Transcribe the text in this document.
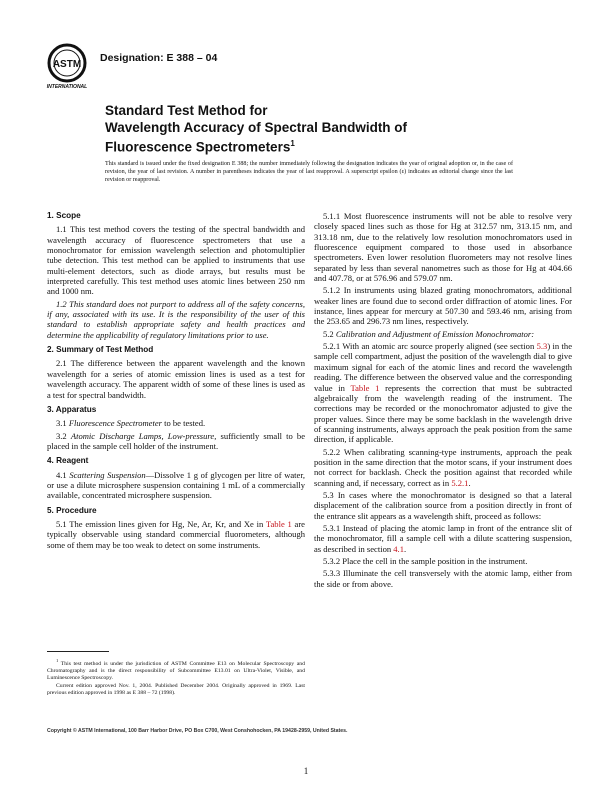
ASTM
INTERNATIONAL
Designation: E 388 – 04
Standard Test Method for
Wavelength Accuracy of Spectral Bandwidth of
Fluorescence Spectrometers$^1$
This standard is issued under the fixed designation E 388; the number immediately following the designation indicates the year of original adoption or, in the case of revision, the year of last revision. A number in parentheses indicates the year of last reapproval. A superscript epsilon (ε) indicates an editorial change since the last revision or reapproval.
1. Scope

1.1 This test method covers the testing of the spectral bandwidth and wavelength accuracy of fluorescence spectrometers that use a monochromator for emission wavelength selection and photomultiplier tube detection. This test method can be applied to instruments that use multi-element detectors, such as diode arrays, but results must be interpreted carefully. This test method uses atomic lines between 250 nm and 1000 nm.

1.2 This standard does not purport to address all of the safety concerns, if any, associated with its use. It is the responsibility of the user of this standard to establish appropriate safety and health practices and determine the applicability of regulatory limitations prior to use.

2. Summary of Test Method

2.1 The difference between the apparent wavelength and the known wavelength for a series of atomic emission lines is used as a test for wavelength accuracy. The apparent width of some of these lines is used as a test for spectral bandwidth.

3. Apparatus

3.1 Fluorescence Spectrometer to be tested.

3.2 Atomic Discharge Lamps, Low-pressure, sufficiently small to be placed in the sample cell holder of the instrument.

4. Reagent

4.1 Scattering Suspension—Dissolve 1 g of glycogen per litre of water, or use a dilute microsphere suspension containing 1 mL of a commercially available, concentrated microsphere suspension.

5. Procedure

5.1 The emission lines given for Hg, Ne, Ar, Kr, and Xe in Table 1 are typically observable using standard commercial fluorometers, although some of them may be too weak to detect on some instruments.

5.1.1 Most fluorescence instruments will not be able to resolve very closely spaced lines such as those for Hg at 312.57 nm, 313.15 nm, and 313.18 nm, due to the relatively low resolution monochromators used in fluorescence equipment compared to those used in absorbance spectrometers. Even lower resolution fluorometers may not resolve lines separated by less than several nanometres such as those for Hg at 404.66 and 407.78, or at 576.96 and 579.07 nm.

5.1.2 In instruments using blazed grating monochromators, additional weaker lines are found due to second order diffraction of atomic lines. For instance, lines appear for mercury at 507.30 and 593.46 nm, arising from the 253.65 and 296.73 nm lines, respectively.

5.2 Calibration and Adjustment of Emission Monochromator:

5.2.1 With an atomic arc source properly aligned (see section 5.3) in the sample cell compartment, adjust the position of the wavelength dial to give maximum signal for each of the atomic lines and record the wavelength reading. The difference between the observed value and the corresponding value in Table 1 represents the correction that must be subtracted algebraically from the wavelength reading of the instrument. The corrections may be recorded or the monochromator adjusted to give the proper values. Since there may be some backlash in the wavelength drive of scanning instruments, always approach the peak position from the same direction, if applicable.

5.2.2 When calibrating scanning-type instruments, approach the peak position in the same direction that the motor scans, if your instrument does not correct for backlash. Check the position against that recorded while scanning and, if necessary, correct as in 5.2.1.

5.3 In cases where the monochromator is designed so that a lateral displacement of the calibration source from a position directly in front of the entrance slit appears as a wavelength shift, proceed as follows:

5.3.1 Instead of placing the atomic lamp in front of the entrance slit of the monochromator, fill a sample cell with a dilute scattering suspension, as described in section 4.1.

5.3.2 Place the cell in the sample position in the instrument.

5.3.3 Illuminate the cell transversely with the atomic lamp, either from the side or from above.

$^1$ This test method is under the jurisdiction of ASTM Committee E13 on Molecular Spectroscopy and Chromatography and is the direct responsibility of Subcommittee E13.01 on Ultra-Violet, Visible, and Luminescence Spectroscopy.

Current edition approved Nov. 1, 2004. Published December 2004. Originally approved in 1969. Last previous edition approved in 1998 as E 388 – 72 (1998).

Copyright © ASTM International, 100 Barr Harbor Drive, PO Box C700, West Conshohocken, PA 19428-2959, United States.
1
